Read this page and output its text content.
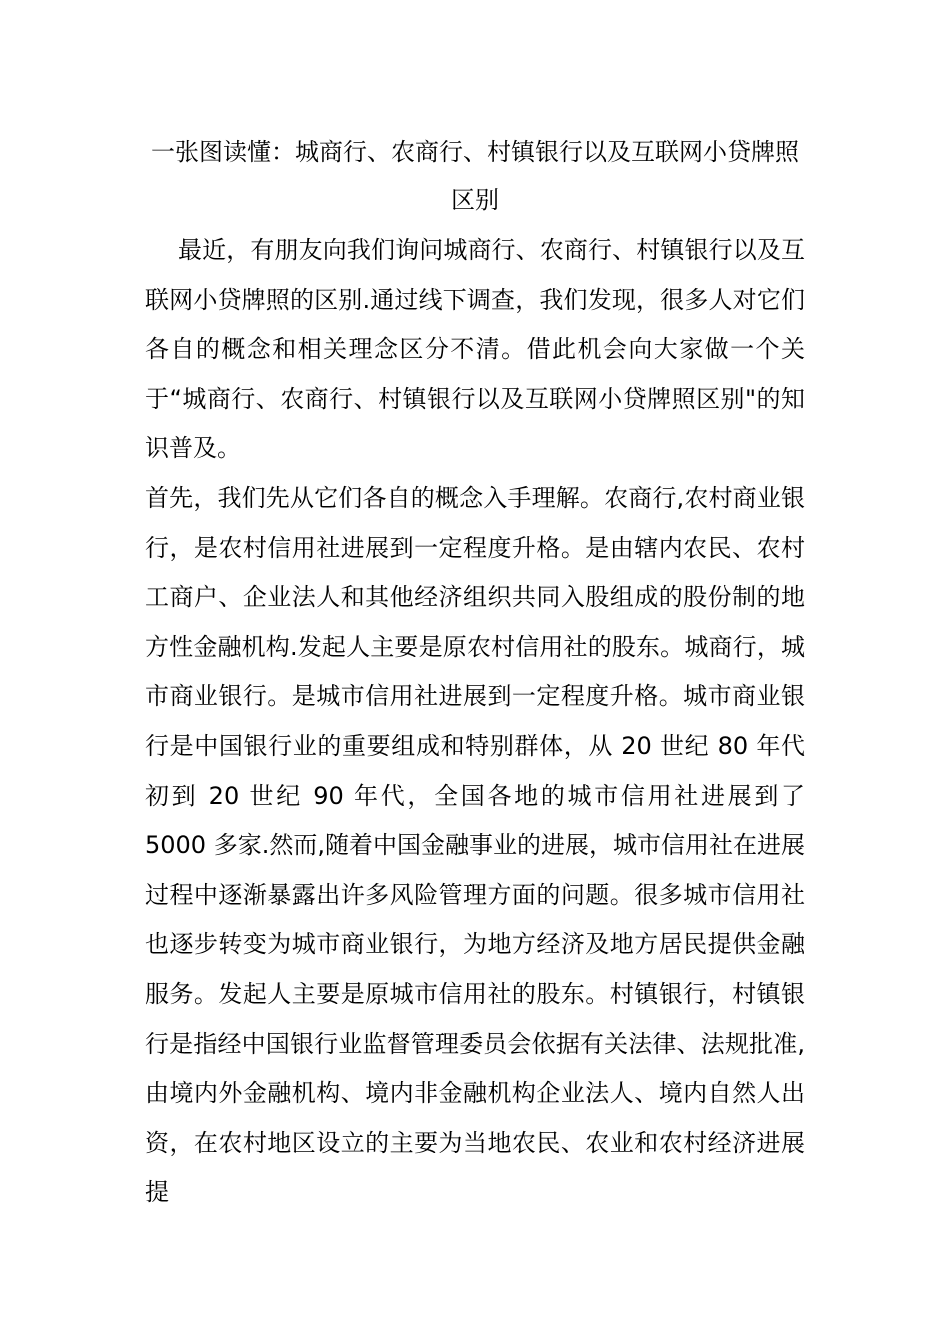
一张图读懂：城商行、农商行、村镇银行以及互联网小贷牌照区别

最近，有朋友向我们询问城商行、农商行、村镇银行以及互联网小贷牌照的区别.通过线下调查，我们发现，很多人对它们各自的概念和相关理念区分不清。借此机会向大家做一个关于“城商行、农商行、村镇银行以及互联网小贷牌照区别"的知识普及。

首先，我们先从它们各自的概念入手理解。农商行,农村商业银行，是农村信用社进展到一定程度升格。是由辖内农民、农村工商户、企业法人和其他经济组织共同入股组成的股份制的地方性金融机构.发起人主要是原农村信用社的股东。城商行，城市商业银行。是城市信用社进展到一定程度升格。城市商业银行是中国银行业的重要组成和特别群体，从 20 世纪 80 年代初到 20 世纪 90 年代，全国各地的城市信用社进展到了 5000 多家.然而,随着中国金融事业的进展，城市信用社在进展过程中逐渐暴露出许多风险管理方面的问题。很多城市信用社也逐步转变为城市商业银行，为地方经济及地方居民提供金融服务。发起人主要是原城市信用社的股东。村镇银行，村镇银行是指经中国银行业监督管理委员会依据有关法律、法规批准,由境内外金融机构、境内非金融机构企业法人、境内自然人出资，在农村地区设立的主要为当地农民、农业和农村经济进展提
